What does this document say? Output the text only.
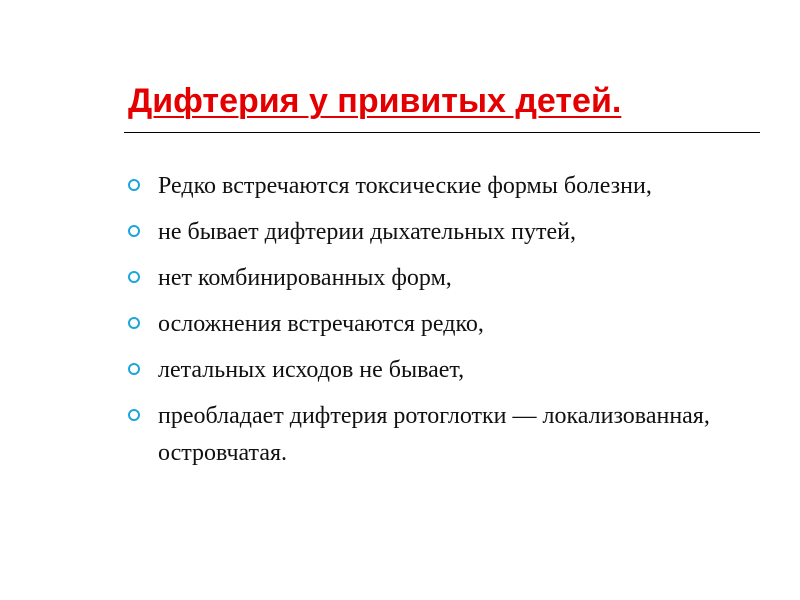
Дифтерия у привитых детей.
Редко встречаются токсические формы болезни,
не бывает дифтерии дыхательных путей,
нет комбинированных форм,
осложнения встречаются редко,
летальных исходов не бывает,
преобладает дифтерия ротоглотки — локализованная, островчатая.
